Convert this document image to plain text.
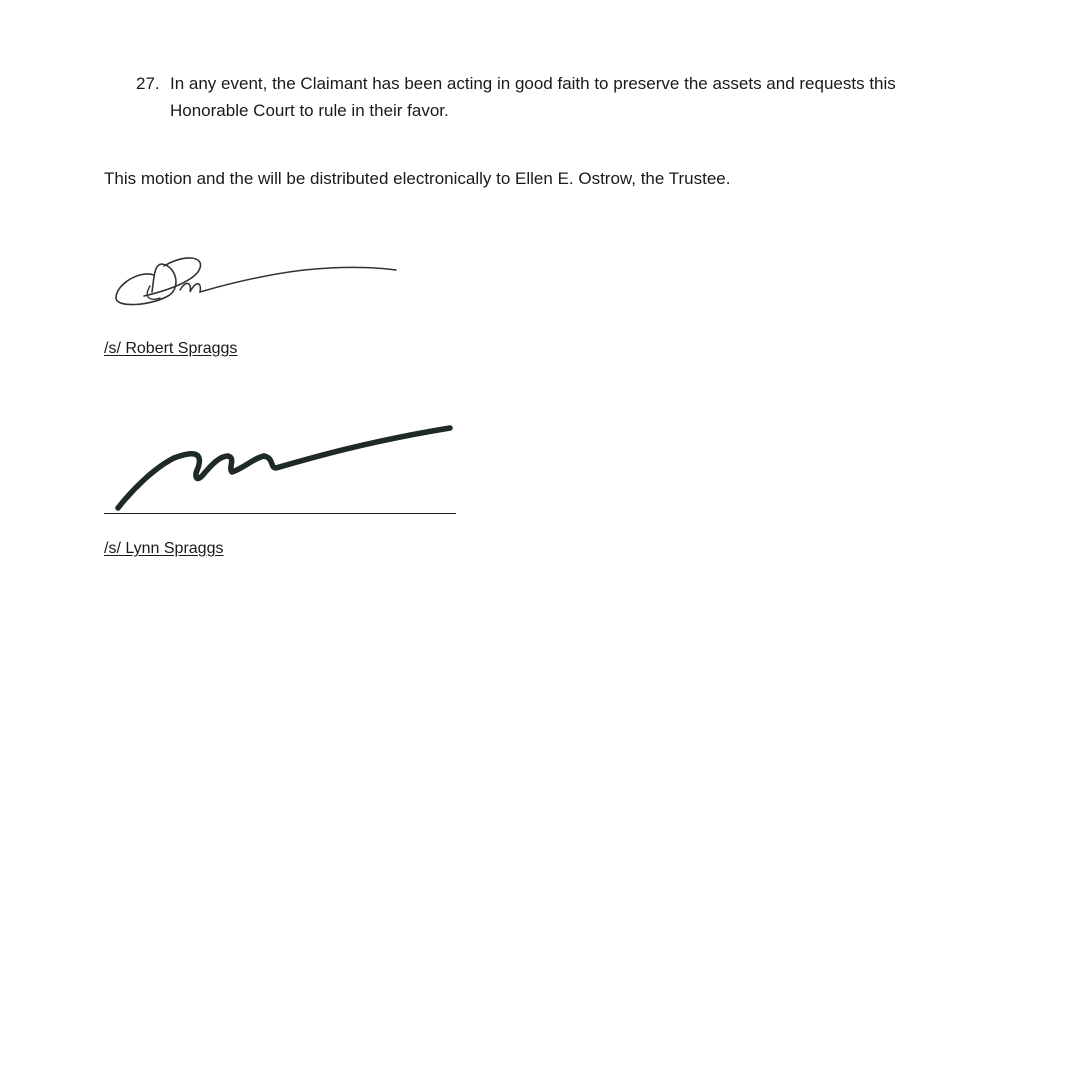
27. In any event, the Claimant has been acting in good faith to preserve the assets and requests this Honorable Court to rule in their favor.
This motion and the will be distributed electronically to Ellen E. Ostrow, the Trustee.
/s/ Robert Spraggs
/s/ Lynn Spraggs
